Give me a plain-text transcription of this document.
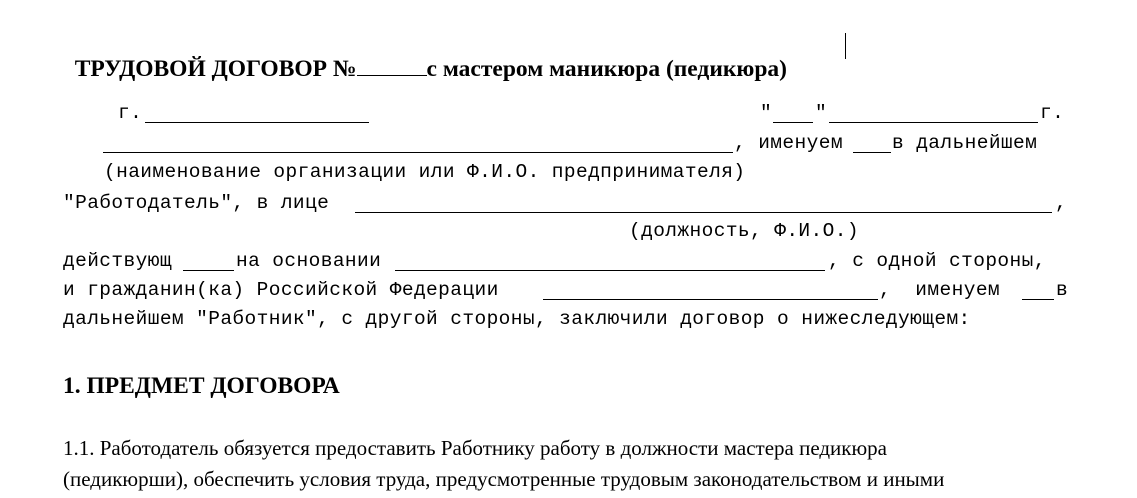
ТРУДОВОЙ ДОГОВОР №	с мастером маникюра (педикюра)

г.	" "	г.
, именуем	в дальнейшем
(наименование организации или Ф.И.О. предпринимателя)
"Работодатель", в лице	,
(должность, Ф.И.О.)
действующ	на основании	, с одной стороны,
и гражданин(ка) Российской Федерации	,  именуем	в
дальнейшем "Работник", с другой стороны, заключили договор о нижеследующем:
1. ПРЕДМЕТ ДОГОВОРА
1.1. Работодатель обязуется предоставить Работнику работу в должности мастера педикюра
(педикюрши), обеспечить условия труда, предусмотренные трудовым законодательством и иными
